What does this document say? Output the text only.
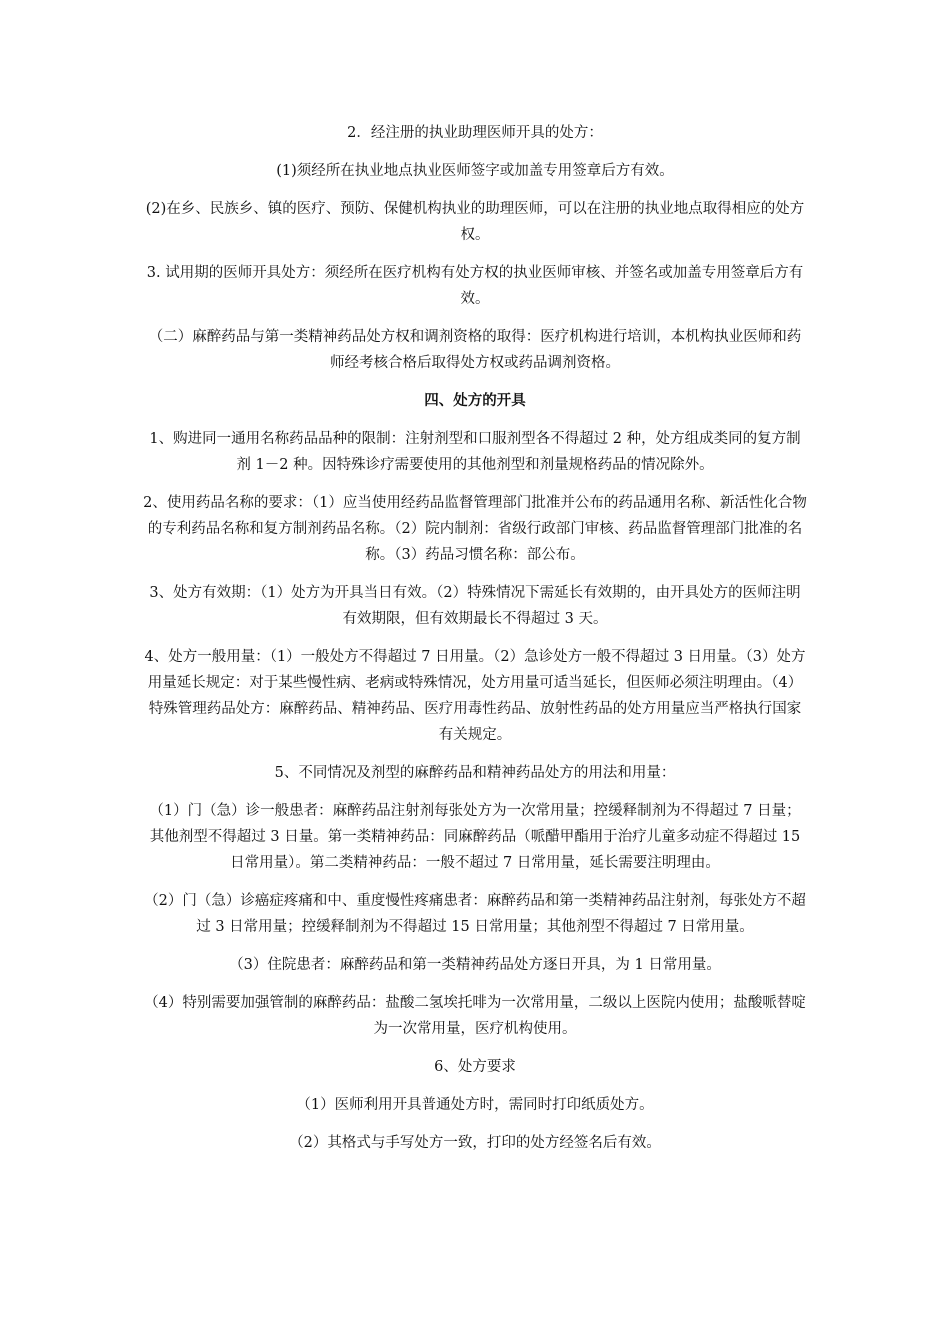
2．经注册的执业助理医师开具的处方：

(1)须经所在执业地点执业医师签字或加盖专用签章后方有效。

(2)在乡、民族乡、镇的医疗、预防、保健机构执业的助理医师，可以在注册的执业地点取得相应的处方权。

3. 试用期的医师开具处方：须经所在医疗机构有处方权的执业医师审核、并签名或加盖专用签章后方有效。

（二）麻醉药品与第一类精神药品处方权和调剂资格的取得：医疗机构进行培训，本机构执业医师和药师经考核合格后取得处方权或药品调剂资格。

四、处方的开具

1、购进同一通用名称药品品种的限制：注射剂型和口服剂型各不得超过 2 种，处方组成类同的复方制剂 1－2 种。因特殊诊疗需要使用的其他剂型和剂量规格药品的情况除外。

2、使用药品名称的要求：（1）应当使用经药品监督管理部门批准并公布的药品通用名称、新活性化合物的专利药品名称和复方制剂药品名称。（2）院内制剂：省级行政部门审核、药品监督管理部门批准的名称。（3）药品习惯名称：部公布。

3、处方有效期：（1）处方为开具当日有效。（2）特殊情况下需延长有效期的，由开具处方的医师注明有效期限，但有效期最长不得超过 3 天。

4、处方一般用量：（1）一般处方不得超过 7 日用量。（2）急诊处方一般不得超过 3 日用量。（3）处方用量延长规定：对于某些慢性病、老病或特殊情况，处方用量可适当延长，但医师必须注明理由。（4）特殊管理药品处方：麻醉药品、精神药品、医疗用毒性药品、放射性药品的处方用量应当严格执行国家有关规定。

5、不同情况及剂型的麻醉药品和精神药品处方的用法和用量：

（1）门（急）诊一般患者：麻醉药品注射剂每张处方为一次常用量；控缓释制剂为不得超过 7 日量；其他剂型不得超过 3 日量。第一类精神药品：同麻醉药品（哌醋甲酯用于治疗儿童多动症不得超过 15 日常用量）。第二类精神药品：一般不超过 7 日常用量，延长需要注明理由。

（2）门（急）诊癌症疼痛和中、重度慢性疼痛患者：麻醉药品和第一类精神药品注射剂，每张处方不超过 3 日常用量；控缓释制剂为不得超过 15 日常用量；其他剂型不得超过 7 日常用量。

（3）住院患者：麻醉药品和第一类精神药品处方逐日开具，为 1 日常用量。

（4）特别需要加强管制的麻醉药品：盐酸二氢埃托啡为一次常用量，二级以上医院内使用；盐酸哌替啶为一次常用量，医疗机构使用。

6、处方要求

（1）医师利用开具普通处方时，需同时打印纸质处方。

（2）其格式与手写处方一致，打印的处方经签名后有效。
